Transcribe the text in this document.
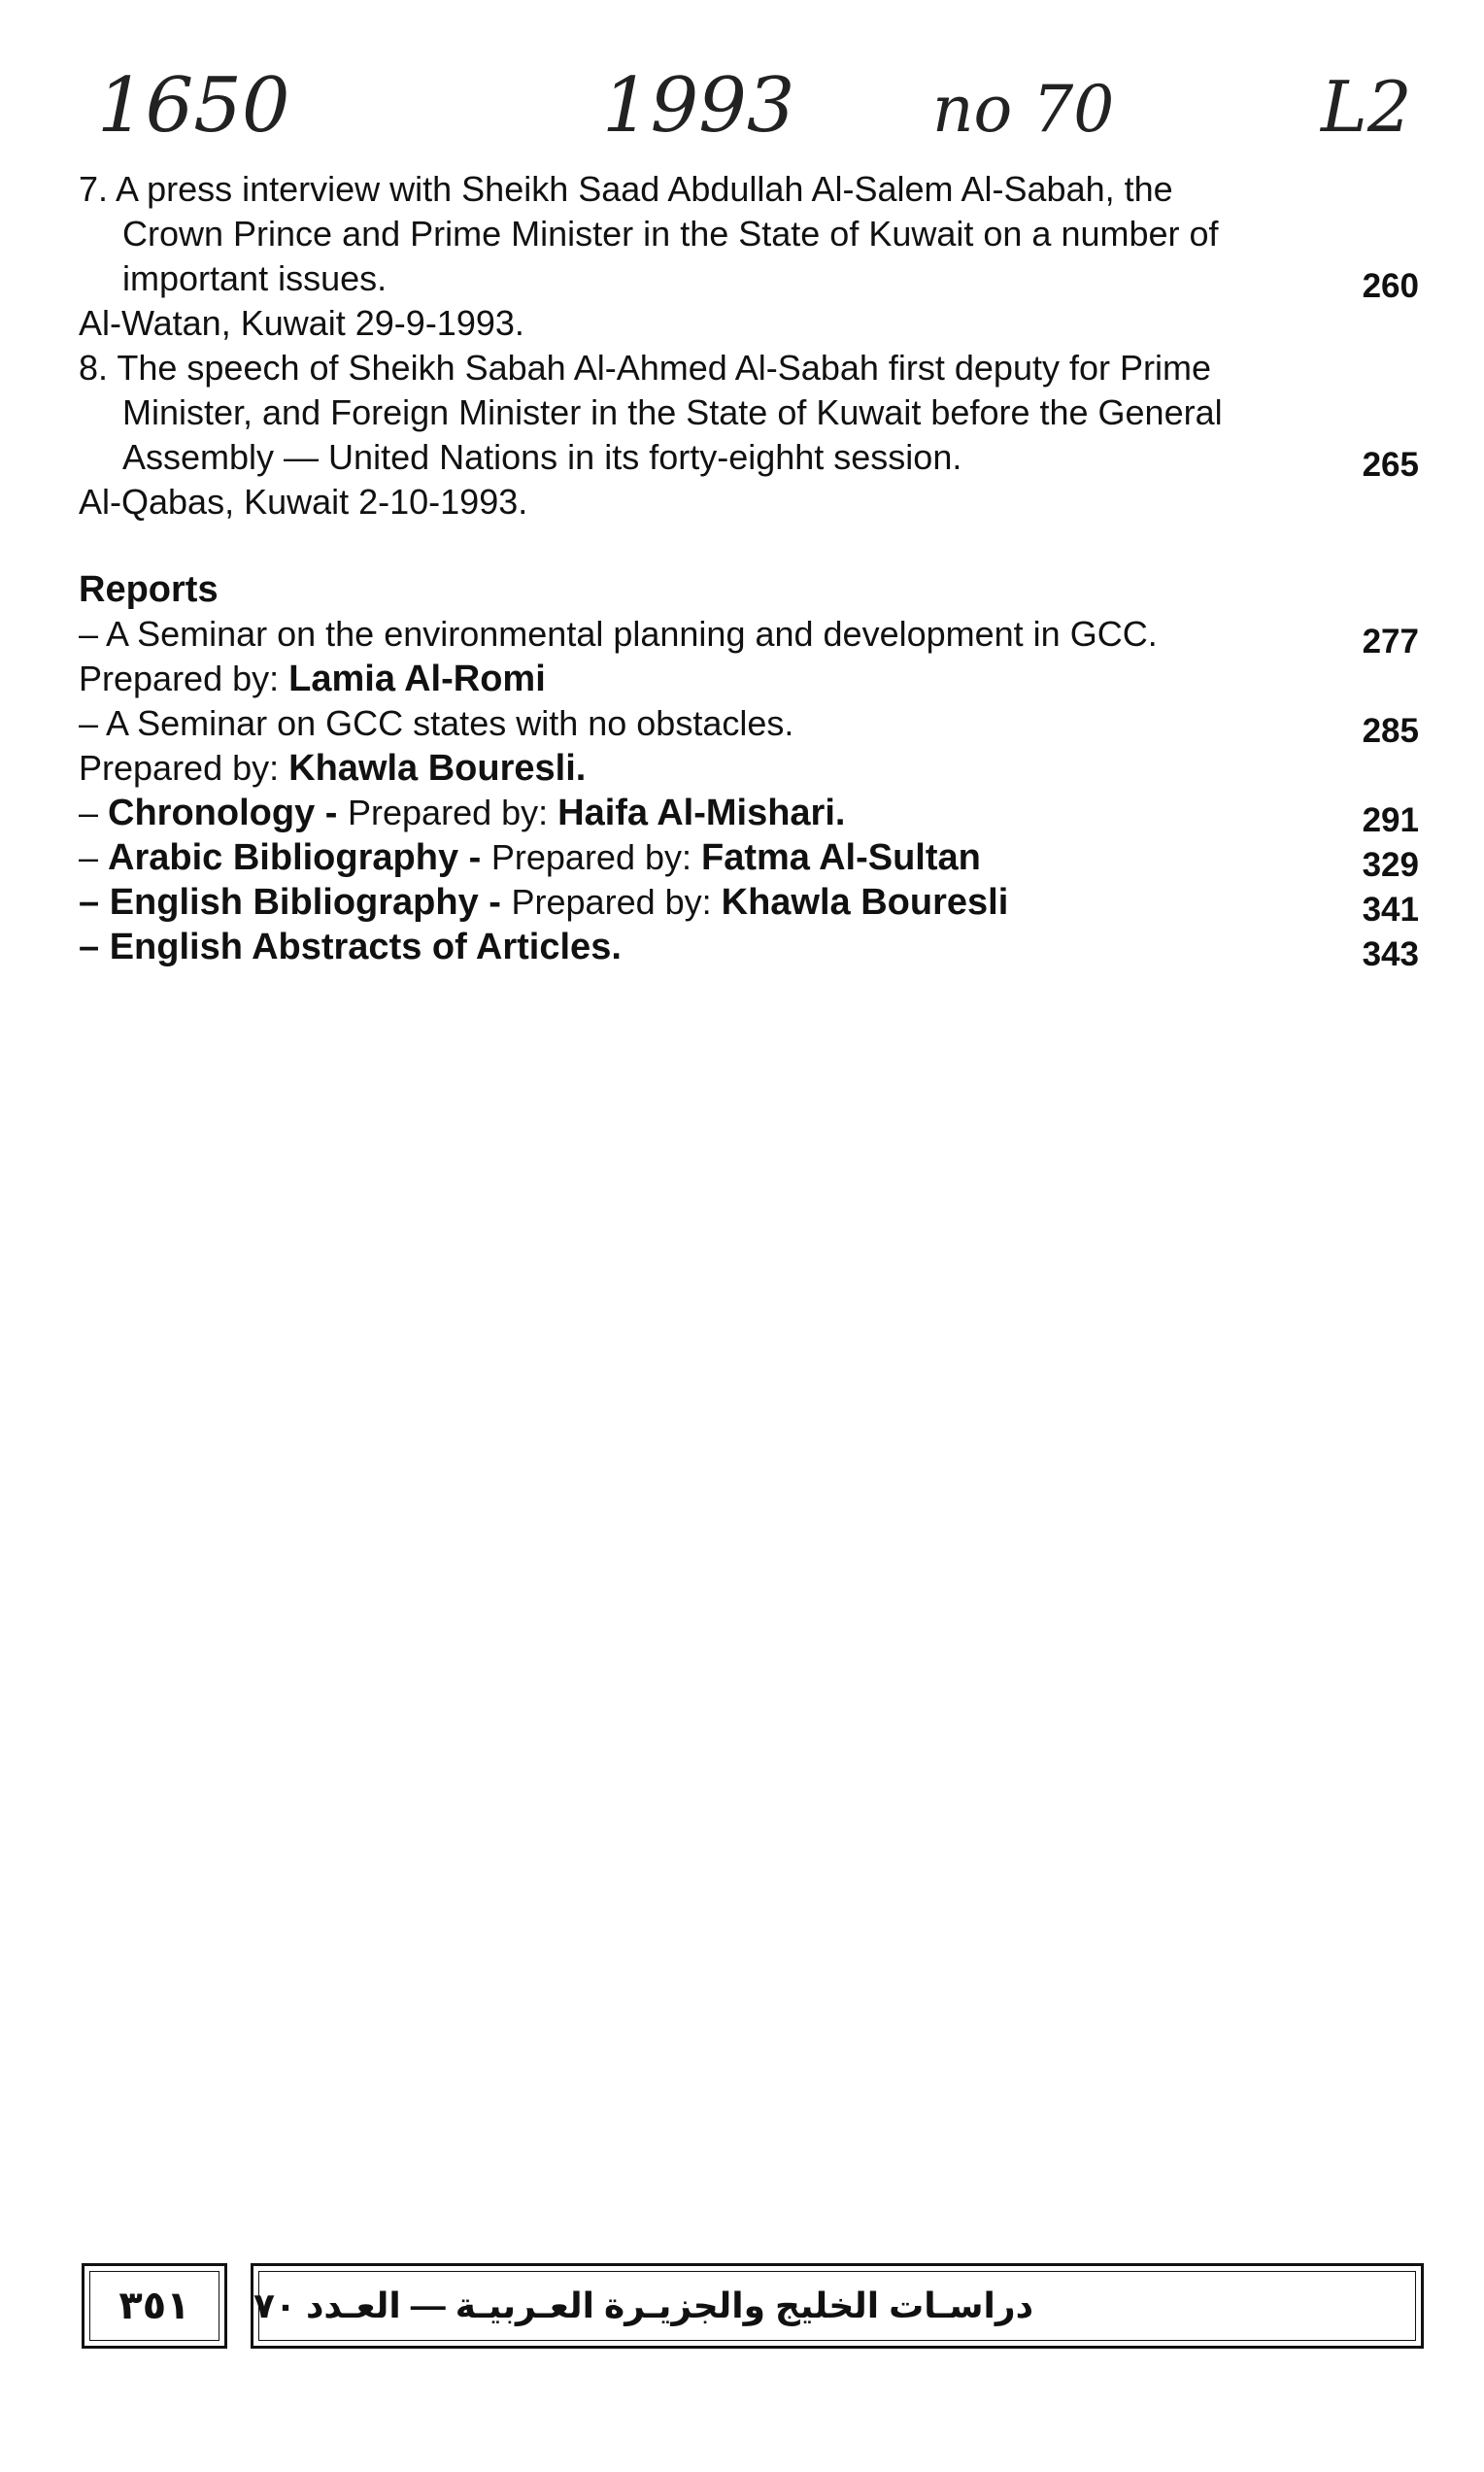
1650	1993 no 70	L2
7. A press interview with Sheikh Saad Abdullah Al-Salem Al-Sabah, the
Crown Prince and Prime Minister in the State of Kuwait on a number of
important issues.	260
Al-Watan, Kuwait 29-9-1993.
8. The speech of Sheikh Sabah Al-Ahmed Al-Sabah first deputy for Prime
Minister, and Foreign Minister in the State of Kuwait before the General
Assembly — United Nations in its forty-eighht session.	265
Al-Qabas, Kuwait 2-10-1993.
Reports
– A Seminar on the environmental planning and development in GCC.	277
Prepared by: Lamia Al-Romi
– A Seminar on GCC states with no obstacles.	285
Prepared by: Khawla Bouresli.
– Chronology - Prepared by: Haifa Al-Mishari.	291
– Arabic Bibliography - Prepared by: Fatma Al-Sultan	329
– English Bibliography - Prepared by: Khawla Bouresli	341
– English Abstracts of Articles.	343
٣٥١ دراسـات الخليج والجزيـرة العـربيـة — العـدد ٧٠
